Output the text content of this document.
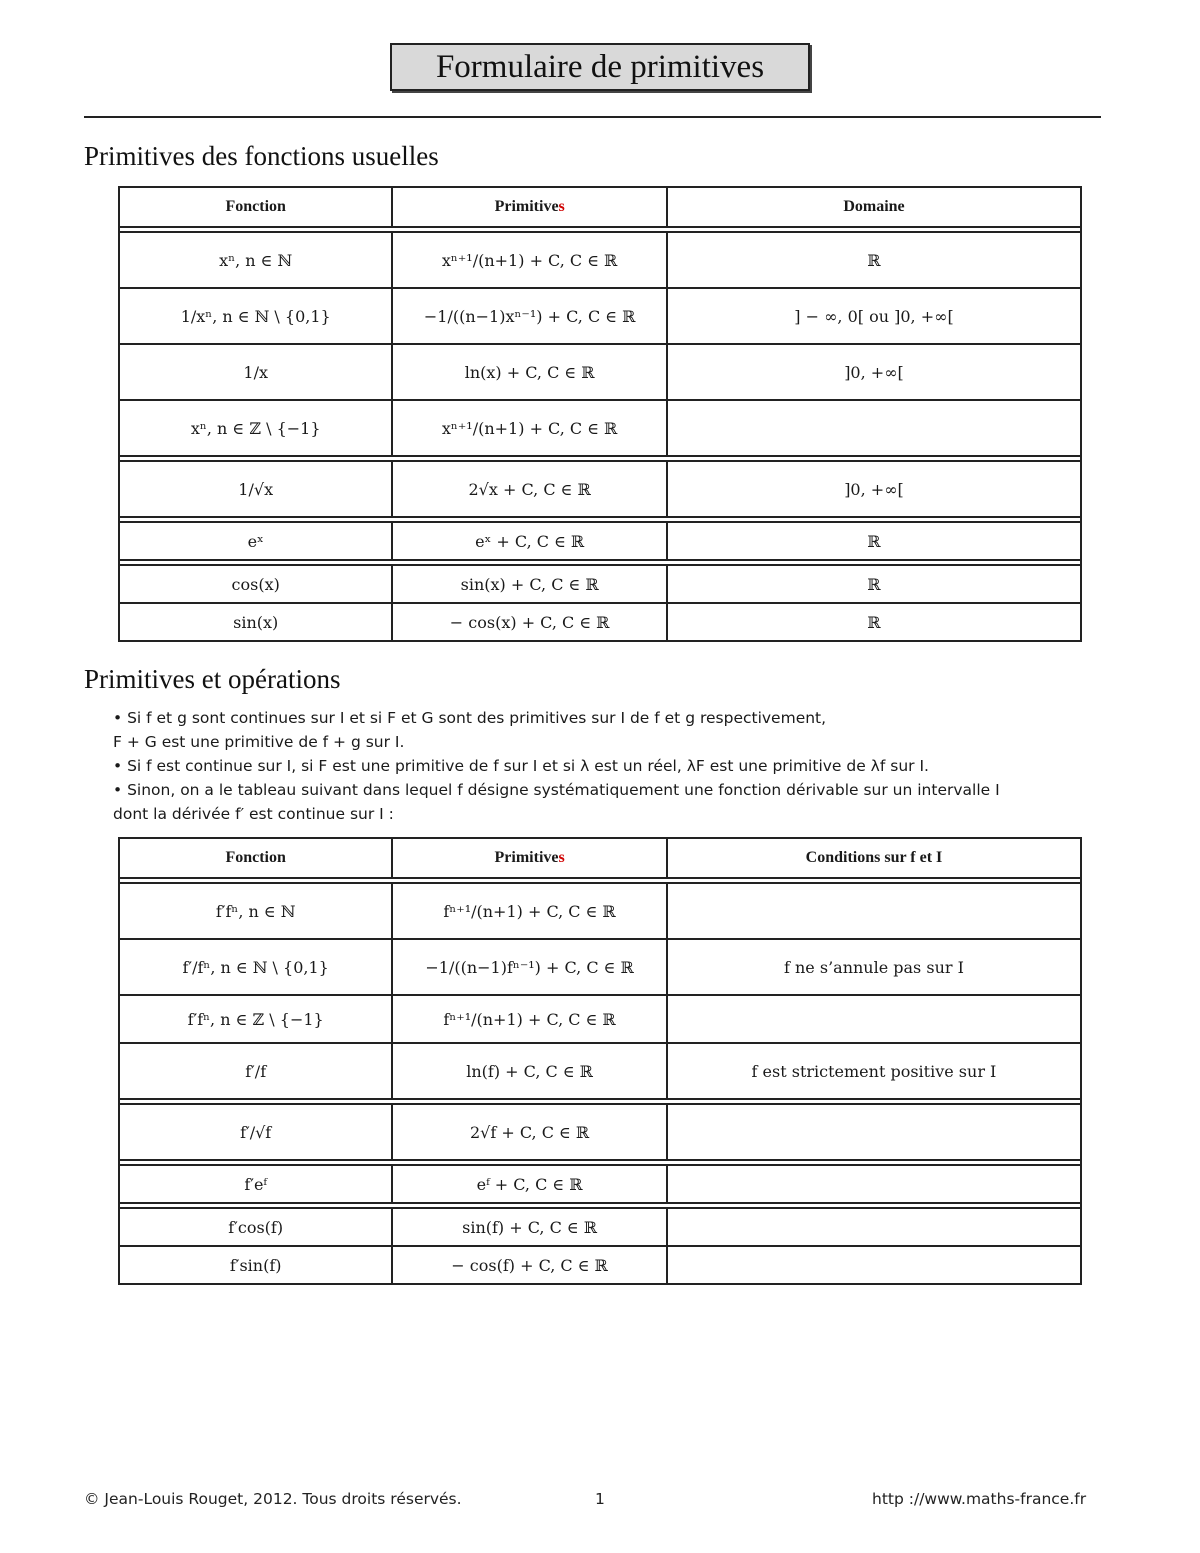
Formulaire de primitives
Primitives des fonctions usuelles
Fonction	Primitives	Domaine

xⁿ, n ∈ ℕ	xⁿ⁺¹/(n+1) + C, C ∈ ℝ	ℝ
1/xⁿ, n ∈ ℕ \ {0,1}	−1/((n−1)xⁿ⁻¹) + C, C ∈ ℝ	] − ∞, 0[ ou ]0, +∞[
1/x	ln(x) + C, C ∈ ℝ	]0, +∞[
xⁿ, n ∈ ℤ \ {−1}	xⁿ⁺¹/(n+1) + C, C ∈ ℝ	

1/√x	2√x + C, C ∈ ℝ	]0, +∞[

eˣ	eˣ + C, C ∈ ℝ	ℝ

cos(x)	sin(x) + C, C ∈ ℝ	ℝ
sin(x)	− cos(x) + C, C ∈ ℝ	ℝ
Primitives et opérations

• Si f et g sont continues sur I et si F et G sont des primitives sur I de f et g respectivement,

F + G est une primitive de f + g sur I.

• Si f est continue sur I, si F est une primitive de f sur I et si λ est un réel, λF est une primitive de λf sur I.

• Sinon, on a le tableau suivant dans lequel f désigne systématiquement une fonction dérivable sur un intervalle I

dont la dérivée f′ est continue sur I :

Fonction	Primitives	Conditions sur f et I

f′fⁿ, n ∈ ℕ	fⁿ⁺¹/(n+1) + C, C ∈ ℝ	
f′/fⁿ, n ∈ ℕ \ {0,1}	−1/((n−1)fⁿ⁻¹) + C, C ∈ ℝ	f ne s’annule pas sur I
f′fⁿ, n ∈ ℤ \ {−1}	fⁿ⁺¹/(n+1) + C, C ∈ ℝ	
f′/f	ln(f) + C, C ∈ ℝ	f est strictement positive sur I

f′/√f	2√f + C, C ∈ ℝ	

f′eᶠ	eᶠ + C, C ∈ ℝ	

f′cos(f)	sin(f) + C, C ∈ ℝ	
f′sin(f)	− cos(f) + C, C ∈ ℝ	
© Jean-Louis Rouget, 2012. Tous droits réservés.	1	http ://www.maths-france.fr
